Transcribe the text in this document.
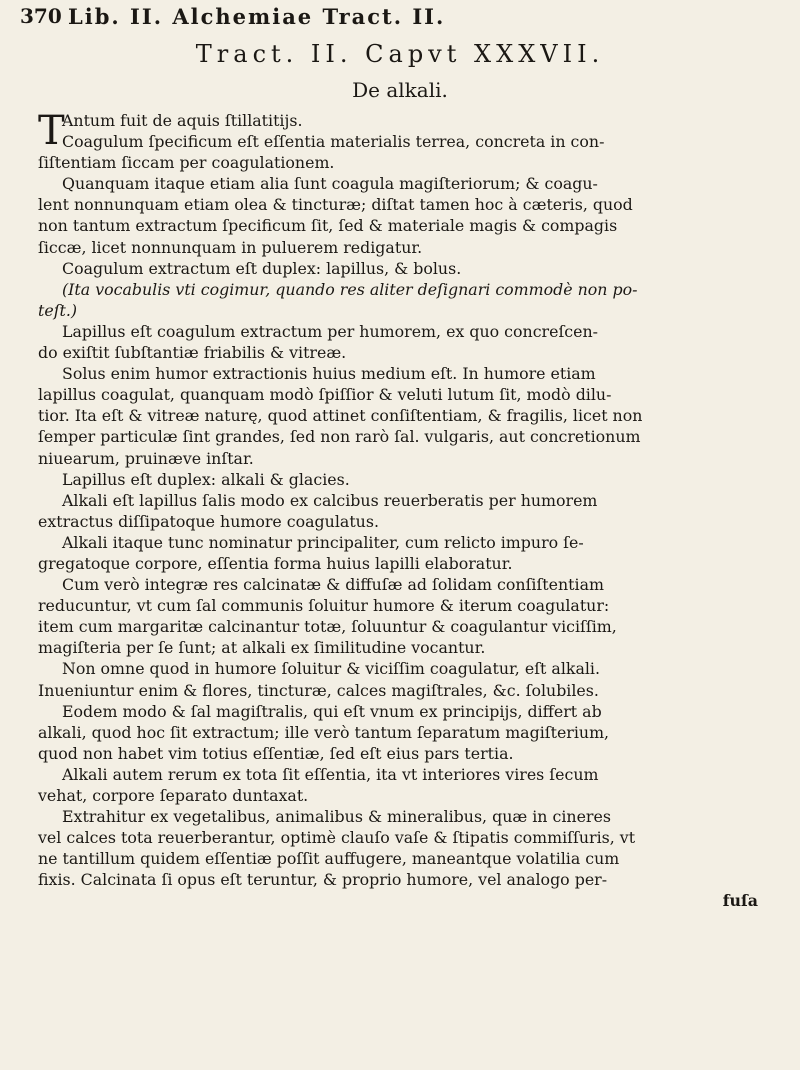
370 Lib. II. Alchemiae Tract. II.
Tract. II. Capvt XXXVII.
De alkali.
T
Antum fuit de aquis ſtillatitijs.
Coagulum ſpecificum eſt eſſentia materialis terrea, concreta in con-
ſiſtentiam ſiccam per coagulationem.
Quanquam itaque etiam alia ſunt coagula magiſteriorum; & coagu-
lent nonnunquam etiam olea & tincturæ; diſtat tamen hoc à cæteris, quod
non tantum extractum ſpecificum ſit, ſed & materiale magis & compagis
ſiccæ, licet nonnunquam in puluerem redigatur.
Coagulum extractum eſt duplex: lapillus, & bolus.
(Ita vocabulis vti cogimur, quando res aliter deſignari commodè non po-
teſt.)
Lapillus eſt coagulum extractum per humorem, ex quo concreſcen-
do exiſtit ſubſtantiæ friabilis & vitreæ.
Solus enim humor extractionis huius medium eſt. In humore etiam
lapillus coagulat, quanquam modò ſpiſſior & veluti lutum ſit, modò dilu-
tior. Ita eſt & vitreæ naturę, quod attinet conſiſtentiam, & fragilis, licet non
ſemper particulæ ſint grandes, ſed non rarò ſal. vulgaris, aut concretionum
niuearum, pruinæve inſtar.
Lapillus eſt duplex: alkali & glacies.
Alkali eſt lapillus ſalis modo ex calcibus reuerberatis per humorem
extractus diſſipatoque humore coagulatus.
Alkali itaque tunc nominatur principaliter, cum relicto impuro ſe-
gregatoque corpore, eſſentia forma huius lapilli elaboratur.
Cum verò integræ res calcinatæ & diffuſæ ad ſolidam conſiſtentiam
reducuntur, vt cum ſal communis ſoluitur humore & iterum coagulatur:
item cum margaritæ calcinantur totæ, ſoluuntur & coagulantur viciſſim,
magiſteria per ſe ſunt; at alkali ex ſimilitudine vocantur.
Non omne quod in humore ſoluitur & viciſſim coagulatur, eſt alkali.
Inueniuntur enim & flores, tincturæ, calces magiſtrales, &c. ſolubiles.
Eodem modo & ſal magiſtralis, qui eſt vnum ex principijs, differt ab
alkali, quod hoc ſit extractum; ille verò tantum ſeparatum magiſterium,
quod non habet vim totius eſſentiæ, ſed eſt eius pars tertia.
Alkali autem rerum ex tota ſit eſſentia, ita vt interiores vires ſecum
vehat, corpore ſeparato duntaxat.
Extrahitur ex vegetalibus, animalibus & mineralibus, quæ in cineres
vel calces tota reuerberantur, optimè clauſo vaſe & ſtipatis commiſſuris, vt
ne tantillum quidem eſſentiæ poſſit auffugere, maneantque volatilia cum
fixis. Calcinata ſi opus eſt teruntur, & proprio humore, vel analogo per-
fuſa
